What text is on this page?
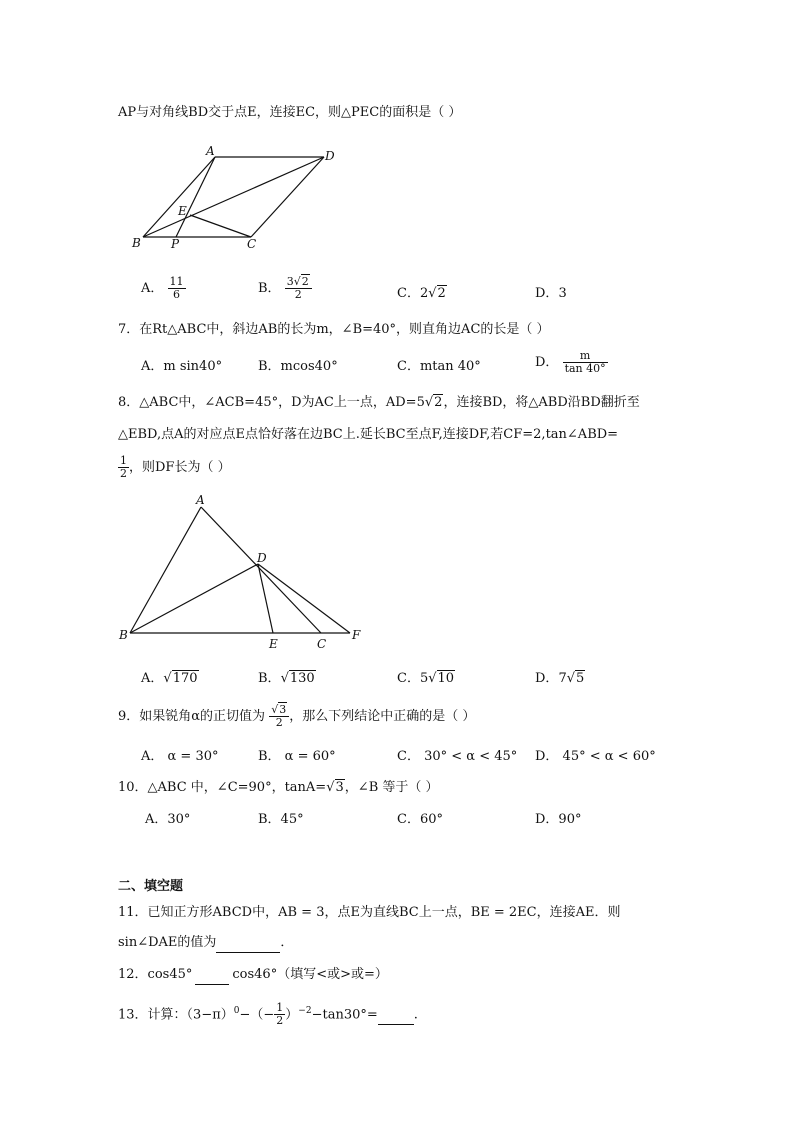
AP与对角线BD交于点E，连接EC，则△PEC的面积是（ ）
A	D
E
B	P	C
A． $\frac{11}{6}$	B． $\frac{3√2}{2}$	C．2√2	D．3
7．在Rt△ABC中，斜边AB的长为m，∠B=40°，则直角边AC的长是（ ）
A．m sin40°	B．mcos40°	C．mtan 40°	D． $\frac{m}{\tan 40^\circ}$
8．△ABC中，∠ACB=45°，D为AC上一点，AD=5√2，连接BD，将△ABD沿BD翻折至
△EBD,点A的对应点E点恰好落在边BC上.延长BC至点F,连接DF,若CF=2,tan∠ABD=
$\frac{1}{2}$ ，则DF长为（ ）
A
D
B
E	C
F
A．√170	B．√130	C．5√10	D．7√5
9．如果锐角α的正切值为 $\frac{√3}{2}$ ，那么下列结论中正确的是（ ）
A． α = 30°	B． α = 60°	C． 30° < α < 45° D． 45° < α < 60°
10．△ABC 中，∠C=90°，tanA=√3，∠B 等于（ ）
A．30°	B．45°	C．60°	D．90°
二、填空题
11．已知正方形ABCD中，AB = 3，点E为直线BC上一点，BE = 2EC，连接AE．则
sin∠DAE的值为	．
12．cos45°	cos46°（填写<或>或=）
13．计算：$(3-\pi)^0-(- \frac{1}{2} )^{-2}-\tan 30^\circ=$	.
